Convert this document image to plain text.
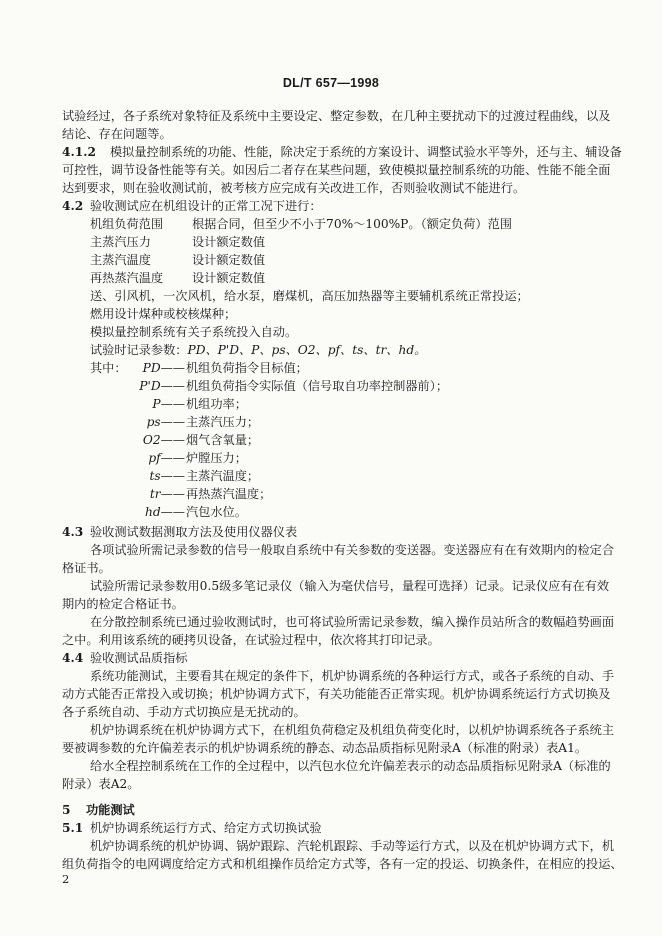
DL/T 657—1998
试验经过，各子系统对象特征及系统中主要设定、整定参数，在几种主要扰动下的过渡过程曲线，以及
结论、存在问题等。
4.1.2 模拟量控制系统的功能、性能，除决定于系统的方案设计、调整试验水平等外，还与主、辅设备
可控性，调节设备性能等有关。如因后二者存在某些问题，致使模拟量控制系统的功能、性能不能全面
达到要求，则在验收测试前，被考核方应完成有关改进工作，否则验收测试不能进行。
4.2 验收测试应在机组设计的正常工况下进行：
机组负荷范围 根据合同，但至少不小于70%～100%P。（额定负荷）范围
主蒸汽压力	设计额定数值
主蒸汽温度	设计额定数值
再热蒸汽温度 设计额定数值
送、引风机，一次风机，给水泵，磨煤机，高压加热器等主要辅机系统正常投运；
燃用设计煤种或校核煤种；
模拟量控制系统有关子系统投入自动。
试验时记录参数：PD、P'D、P、ps、O2、pf、ts、tr、hd。
其中：	PD—— 机组负荷指令目标值；
P'D—— 机组负荷指令实际值（信号取自功率控制器前）；
P—— 机组功率；
ps—— 主蒸汽压力；
O2—— 烟气含氧量；
pf—— 炉膛压力；
ts—— 主蒸汽温度；
tr—— 再热蒸汽温度；
hd—— 汽包水位。
4.3 验收测试数据测取方法及使用仪器仪表
各项试验所需记录参数的信号一般取自系统中有关参数的变送器。变送器应有在有效期内的检定合
格证书。
试验所需记录参数用0.5级多笔记录仪（输入为毫伏信号，量程可选择）记录。记录仪应有在有效
期内的检定合格证书。
在分散控制系统已通过验收测试时，也可将试验所需记录参数，编入操作员站所含的数幅趋势画面
之中。利用该系统的硬拷贝设备，在试验过程中，依次将其打印记录。
4.4 验收测试品质指标
系统功能测试，主要看其在规定的条件下，机炉协调系统的各种运行方式，或各子系统的自动、手
动方式能否正常投入或切换；机炉协调方式下，有关功能能否正常实现。机炉协调系统运行方式切换及
各子系统自动、手动方式切换应是无扰动的。
机炉协调系统在机炉协调方式下，在机组负荷稳定及机组负荷变化时，以机炉协调系统各子系统主
要被调参数的允许偏差表示的机炉协调系统的静态、动态品质指标见附录A（标准的附录）表A1。
给水全程控制系统在工作的全过程中，以汽包水位允许偏差表示的动态品质指标见附录A（标准的
附录）表A2。
5 功能测试
5.1 机炉协调系统运行方式、给定方式切换试验
机炉协调系统的机炉协调、锅炉跟踪、汽轮机跟踪、手动等运行方式，以及在机炉协调方式下，机
组负荷指令的电网调度给定方式和机组操作员给定方式等，各有一定的投运、切换条件，在相应的投运、
2
